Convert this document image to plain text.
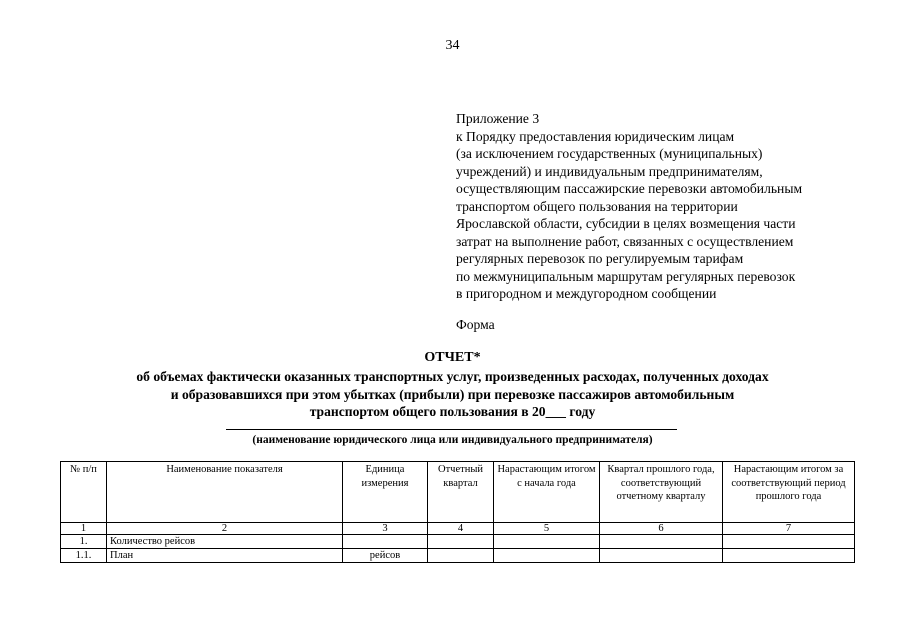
34
Приложение 3
к Порядку предоставления юридическим лицам
(за исключением государственных (муниципальных)
учреждений) и индивидуальным предпринимателям,
осуществляющим пассажирские перевозки автомобильным
транспортом общего пользования на территории
Ярославской области, субсидии в целях возмещения части
затрат на выполнение работ, связанных с осуществлением
регулярных перевозок по регулируемым тарифам
по межмуниципальным маршрутам регулярных перевозок
в пригородном и междугородном сообщении
Форма
ОТЧЕТ*
об объемах фактически оказанных транспортных услуг, произведенных расходах, полученных доходах
и образовавшихся при этом убытках (прибыли) при перевозке пассажиров автомобильным
транспортом общего пользования в 20___ году
(наименование юридического лица или индивидуального предпринимателя)
№ п/п	Наименование показателя	Единица измерения	Отчетный квартал	Нарастающим итогом с начала года	Квартал прошлого года, соответствующий отчетному кварталу	Нарастающим итогом за соответствующий период прошлого года
1	2	3	4	5	6	7
1.	Количество рейсов					
1.1.	План	рейсов				
